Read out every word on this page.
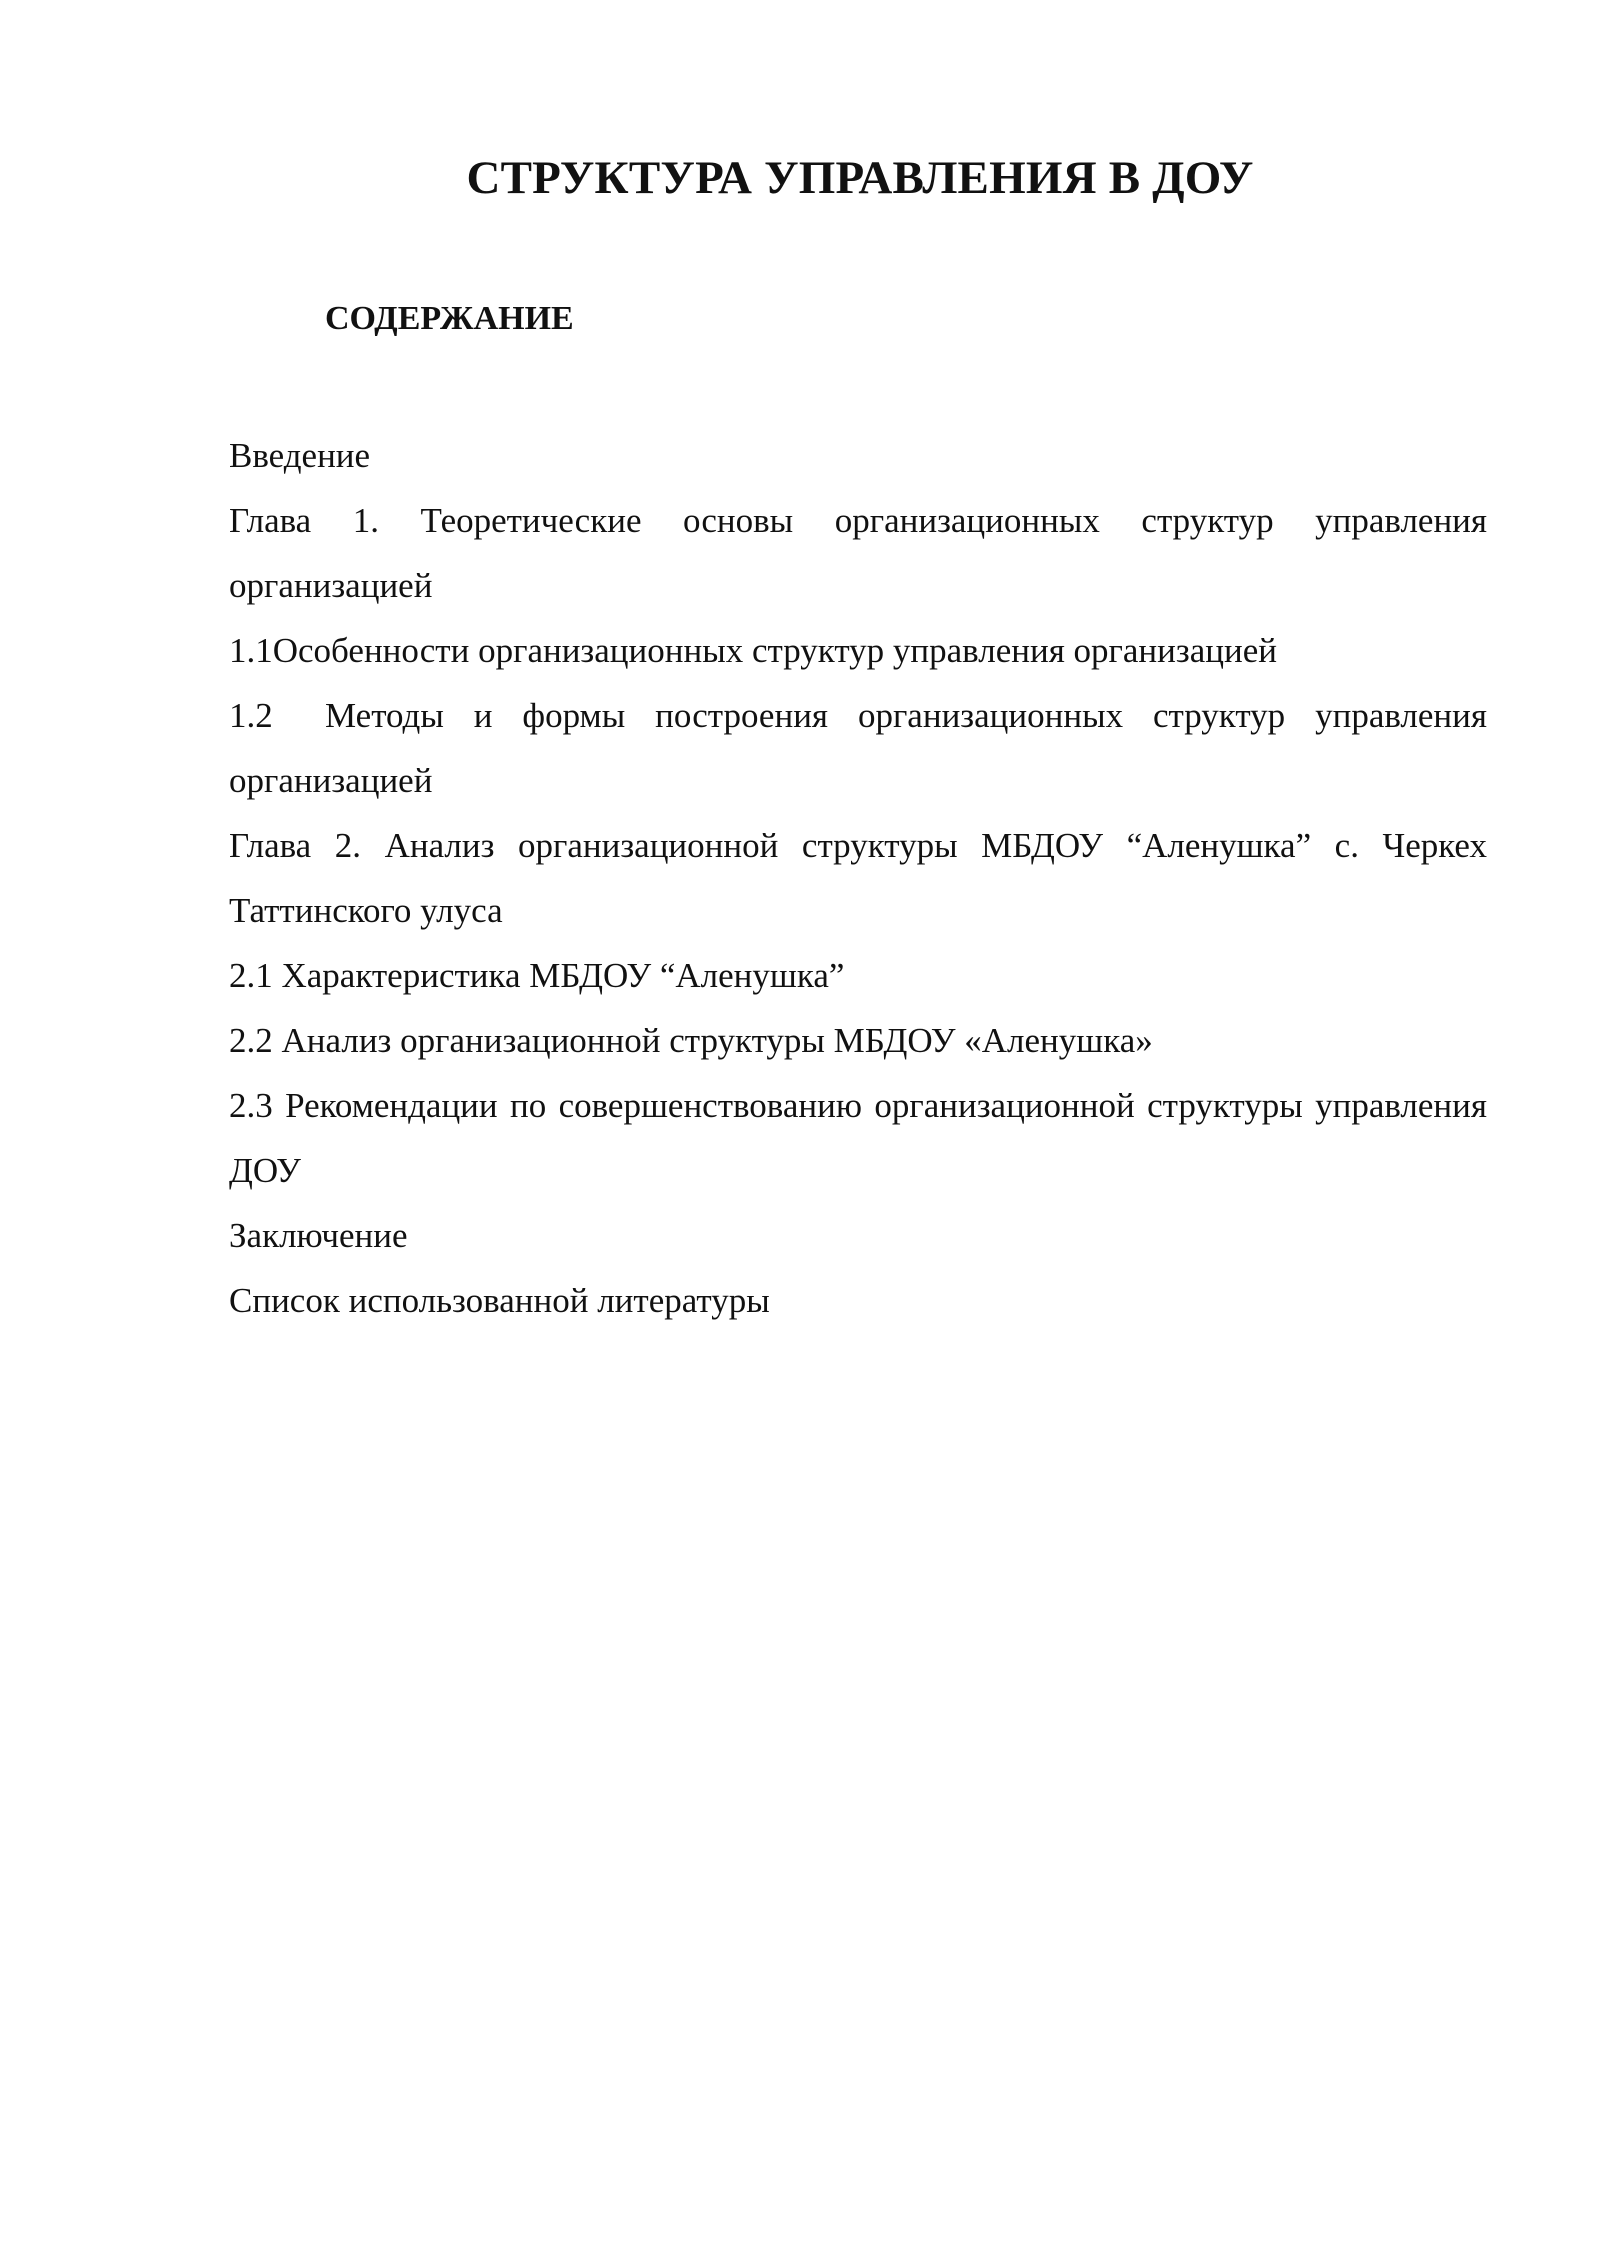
СТРУКТУРА УПРАВЛЕНИЯ В ДОУ
СОДЕРЖАНИЕ
Введение
Глава 1. Теоретические основы организационных структур управления организацией
1.1Особенности организационных структур управления организацией
1.2 Методы и формы построения организационных структур управления организацией
Глава 2. Анализ организационной структуры МБДОУ “Аленушка” с. Черкех Таттинского улуса
2.1 Характеристика МБДОУ “Аленушка”
2.2 Анализ организационной структуры МБДОУ «Аленушка»
2.3 Рекомендации по совершенствованию организационной структуры управления ДОУ
Заключение
Список использованной литературы
